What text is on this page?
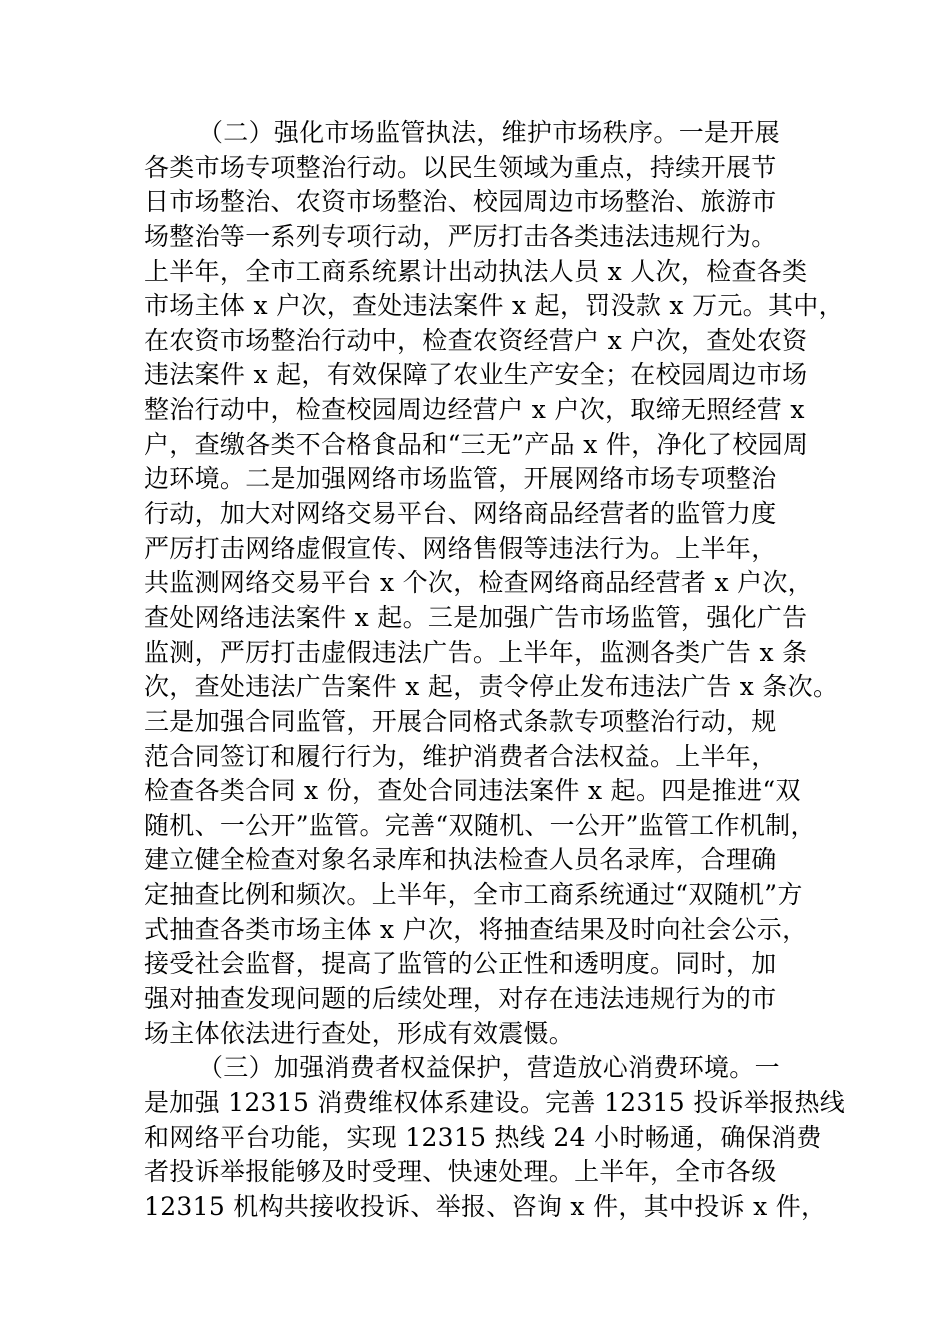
（二）强化市场监管执法，维护市场秩序。一是开展
各类市场专项整治行动。以民生领域为重点，持续开展节
日市场整治、农资市场整治、校园周边市场整治、旅游市
场整治等一系列专项行动，严厉打击各类违法违规行为。
上半年，全市工商系统累计出动执法人员 x 人次，检查各类
市场主体 x 户次，查处违法案件 x 起，罚没款 x 万元。其中，
在农资市场整治行动中，检查农资经营户 x 户次，查处农资
违法案件 x 起，有效保障了农业生产安全；在校园周边市场
整治行动中，检查校园周边经营户 x 户次，取缔无照经营 x
户，查缴各类不合格食品和“三无”产品 x 件，净化了校园周
边环境。二是加强网络市场监管，开展网络市场专项整治
行动，加大对网络交易平台、网络商品经营者的监管力度
严厉打击网络虚假宣传、网络售假等违法行为。上半年，
共监测网络交易平台 x 个次，检查网络商品经营者 x 户次，
查处网络违法案件 x 起。三是加强广告市场监管，强化广告
监测，严厉打击虚假违法广告。上半年，监测各类广告 x 条
次，查处违法广告案件 x 起，责令停止发布违法广告 x 条次。
三是加强合同监管，开展合同格式条款专项整治行动，规
范合同签订和履行行为，维护消费者合法权益。上半年，
检查各类合同 x 份，查处合同违法案件 x 起。四是推进“双
随机、一公开”监管。完善“双随机、一公开”监管工作机制，
建立健全检查对象名录库和执法检查人员名录库，合理确
定抽查比例和频次。上半年，全市工商系统通过“双随机”方
式抽查各类市场主体 x 户次，将抽查结果及时向社会公示，
接受社会监督，提高了监管的公正性和透明度。同时，加
强对抽查发现问题的后续处理，对存在违法违规行为的市
场主体依法进行查处，形成有效震慑。
（三）加强消费者权益保护，营造放心消费环境。一
是加强 12315 消费维权体系建设。完善 12315 投诉举报热线
和网络平台功能，实现 12315 热线 24 小时畅通，确保消费
者投诉举报能够及时受理、快速处理。上半年，全市各级
12315 机构共接收投诉、举报、咨询 x 件，其中投诉 x 件，
